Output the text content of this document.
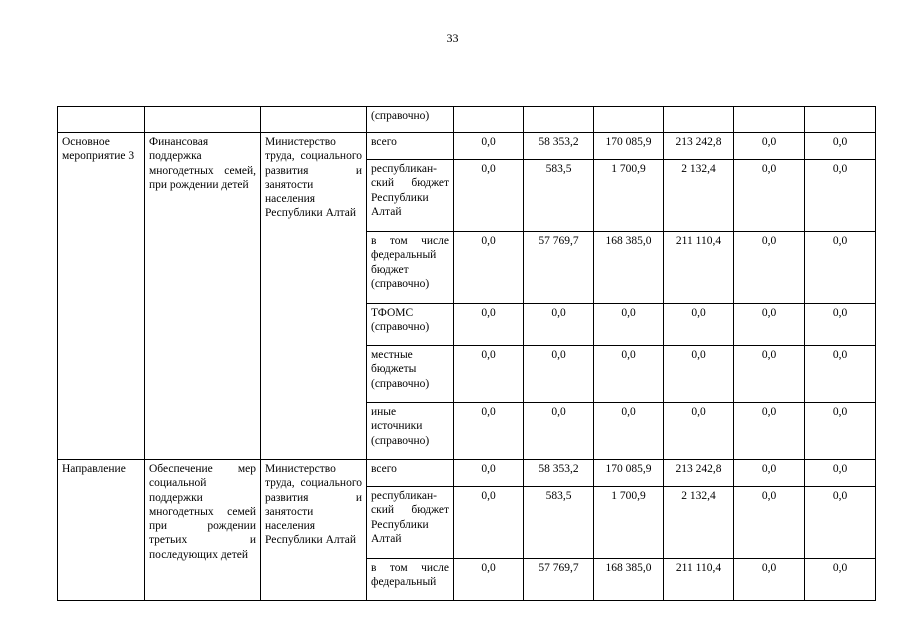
33
			(справочно)						
Основное мероприятие 3	Финансовая поддержка многодетных семей, при рождении детей	Министерство труда, социального развития и занятости населения Республики Алтай	всего	0,0	58 353,2	170 085,9	213 242,8	0,0	0,0
			республикан-ский бюджет Республики Алтай	0,0	583,5	1 700,9	2 132,4	0,0	0,0
			в том числе федеральный бюджет (справочно)	0,0	57 769,7	168 385,0	211 110,4	0,0	0,0
			ТФОМС (справочно)	0,0	0,0	0,0	0,0	0,0	0,0
			местные бюджеты (справочно)	0,0	0,0	0,0	0,0	0,0	0,0
			иные источники (справочно)	0,0	0,0	0,0	0,0	0,0	0,0
Направление	Обеспечение мер социальной поддержки многодетных семей при рождении третьих и последующих детей	Министерство труда, социального развития и занятости населения Республики Алтай	всего	0,0	58 353,2	170 085,9	213 242,8	0,0	0,0
			республикан-ский бюджет Республики Алтай	0,0	583,5	1 700,9	2 132,4	0,0	0,0
			в том числе федеральный	0,0	57 769,7	168 385,0	211 110,4	0,0	0,0
